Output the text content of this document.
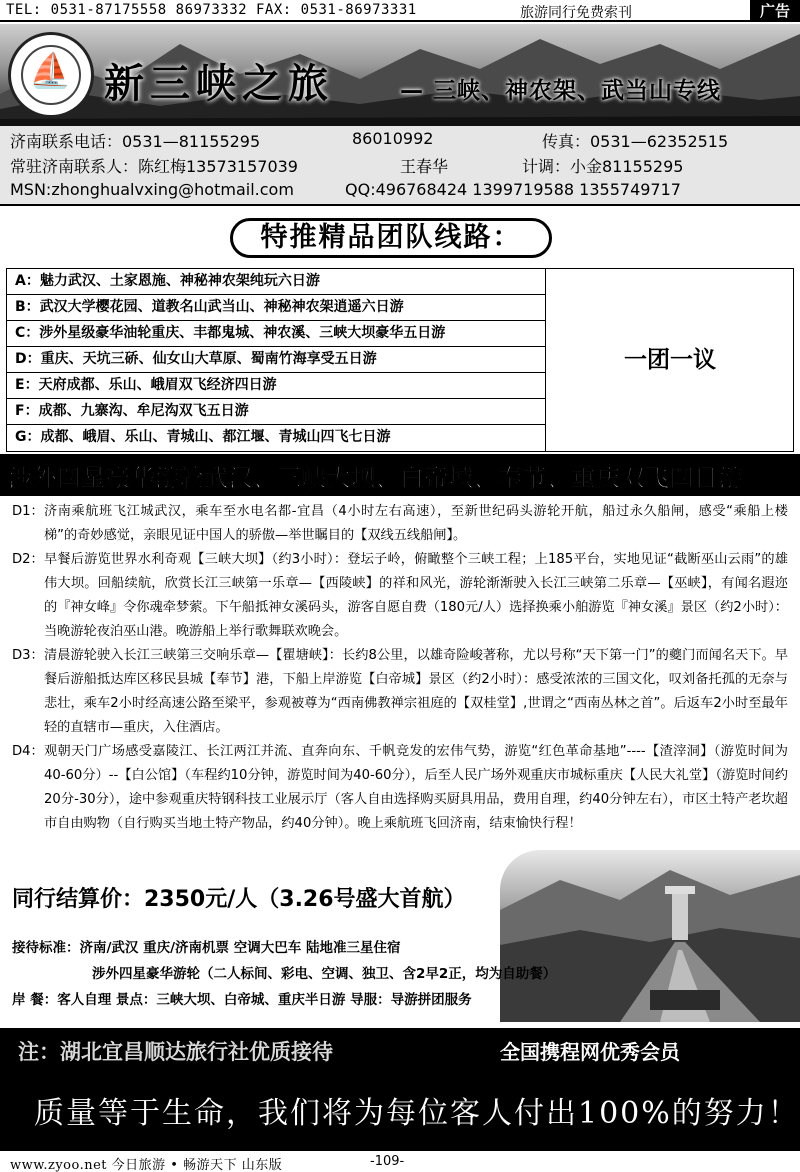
TEL: 0531-87175558 86973332 FAX: 0531-86973331	旅游同行免费索刊	广告
⛵ 新三峡之旅	— 三峡、神农架、武当山专线
济南联系电话：0531—81155295	86010992	传真：0531—62352515
常驻济南联系人：陈红梅13573157039	王春华	计调：小金81155295
MSN:zhonghualvxing@hotmail.com	QQ:496768424 1399719588 1355749717
特推精品团队线路：
A：魅力武汉、土家恩施、神秘神农架纯玩六日游
B：武汉大学樱花园、道教名山武当山、神秘神农架逍遥六日游
C：涉外星级豪华油轮重庆、丰都鬼城、神农溪、三峡大坝豪华五日游
D：重庆、天坑三硚、仙女山大草原、蜀南竹海享受五日游
E：天府成都、乐山、峨眉双飞经济四日游
F：成都、九寨沟、牟尼沟双飞五日游
G：成都、峨眉、乐山、青城山、都江堰、青城山四飞七日游
一团一议
涉外四星豪华游轮武汉、三峡大坝、白帝城、奉节、重庆双飞四日游
D1： 济南乘航班飞江城武汉，乘车至水电名都-宜昌（4小时左右高速），至新世纪码头游轮开航，船过永久船闸，感受“乘船上楼梯”的奇妙感觉，亲眼见证中国人的骄傲—举世瞩目的【双线五线船闸】。
D2： 早餐后游览世界水利奇观【三峡大坝】（约3小时）：登坛子岭，俯瞰整个三峡工程；上185平台，实地见证“截断巫山云雨”的雄伟大坝。回船续航，欣赏长江三峡第一乐章—【西陵峡】的祥和风光，游轮渐渐驶入长江三峡第二乐章—【巫峡】，有闻名遐迩的『神女峰』令你魂牵梦萦。下午船抵神女溪码头，游客自愿自费（180元/人）选择换乘小舶游览『神女溪』景区（约2小时）：当晚游轮夜泊巫山港。晚游船上举行歌舞联欢晚会。
D3： 清晨游轮驶入长江三峡第三交响乐章—【瞿塘峡】：长约8公里，以雄奇险峻著称，尤以号称“天下第一门”的夔门而闻名天下。早餐后游船抵达库区移民县城【奉节】港，下船上岸游览【白帝城】景区（约2小时）：感受浓浓的三国文化，叹刘备托孤的无奈与悲壮，乘车2小时经高速公路至梁平，参观被尊为“西南佛教禅宗祖庭的【双桂堂】,世谓之“西南丛林之首”。后返车2小时至最年轻的直辖市—重庆，入住酒店。
D4： 观朝天门广场感受嘉陵江、长江两江并流、直奔向东、千帆竞发的宏伟气势，游览“红色革命基地”----【渣滓洞】（游览时间为40-60分）--【白公馆】（车程约10分钟，游览时间为40-60分），后至人民广场外观重庆市城标重庆【人民大礼堂】（游览时间约20分-30分），途中参观重庆特钢科技工业展示厅（客人自由选择购买厨具用品，费用自理，约40分钟左右），市区土特产老坎超市自由购物（自行购买当地土特产物品，约40分钟）。晚上乘航班飞回济南，结束愉快行程！
同行结算价：2350元/人（3.26号盛大首航）
接待标准：济南/武汉 重庆/济南机票 空调大巴车 陆地准三星住宿
涉外四星豪华游轮（二人标间、彩电、空调、独卫、含2早2正，均为自助餐）
岸 餐：客人自理 景点：三峡大坝、白帝城、重庆半日游 导服：导游拼团服务
注：湖北宜昌顺达旅行社优质接待	全国携程网优秀会员
质量等于生命，我们将为每位客人付出100%的努力！
www.zyoo.net 今日旅游 • 畅游天下 山东版	-109-
